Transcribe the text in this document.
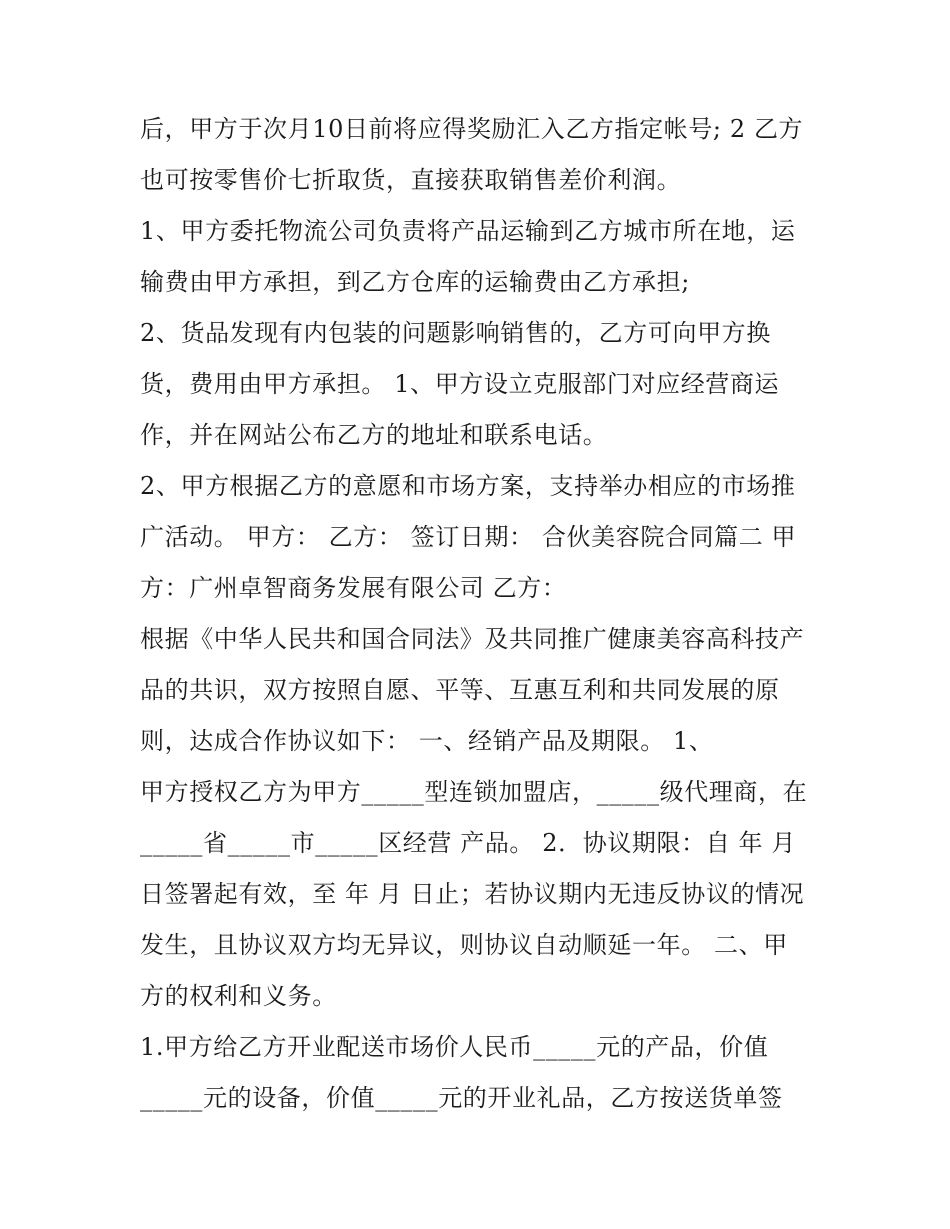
后，甲方于次月10日前将应得奖励汇入乙方指定帐号; 2 乙方
也可按零售价七折取货，直接获取销售差价利润。
1、甲方委托物流公司负责将产品运输到乙方城市所在地，运
输费由甲方承担，到乙方仓库的运输费由乙方承担;
2、货品发现有内包装的问题影响销售的，乙方可向甲方换
货，费用由甲方承担。 1、甲方设立克服部门对应经营商运
作，并在网站公布乙方的地址和联系电话。
2、甲方根据乙方的意愿和市场方案，支持举办相应的市场推
广活动。 甲方： 乙方： 签订日期： 合伙美容院合同篇二 甲
方：广州卓智商务发展有限公司 乙方：
根据《中华人民共和国合同法》及共同推广健康美容高科技产
品的共识，双方按照自愿、平等、互惠互利和共同发展的原
则，达成合作协议如下： 一、经销产品及期限。 1、
甲方授权乙方为甲方_____型连锁加盟店，_____级代理商，在
_____省_____市_____区经营 产品。 2．协议期限：自 年 月
日签署起有效，至 年 月 日止；若协议期内无违反协议的情况
发生，且协议双方均无异议，则协议自动顺延一年。 二、甲
方的权利和义务。
1.甲方给乙方开业配送市场价人民币_____元的产品，价值
_____元的设备，价值_____元的开业礼品，乙方按送货单签
